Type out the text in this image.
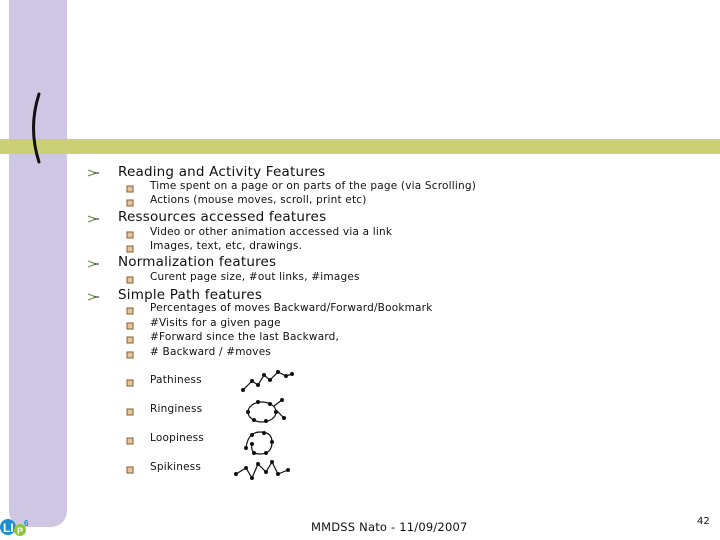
Reading and Activity Features
Time spent on a page or on parts of the page (via Scrolling)
Actions (mouse moves, scroll, print etc)
Ressources accessed features
Video or other animation accessed via a link
Images, text, etc, drawings.
Normalization features
Curent page size, #out links, #images
Simple Path features
Percentages of moves Backward/Forward/Bookmark
#Visits for a given page
#Forward since the last Backward,
# Backward / #moves
Pathiness
Ringiness
Loopiness
Spikiness
MMDSS Nato - 11/09/2007	42
LI P
6
